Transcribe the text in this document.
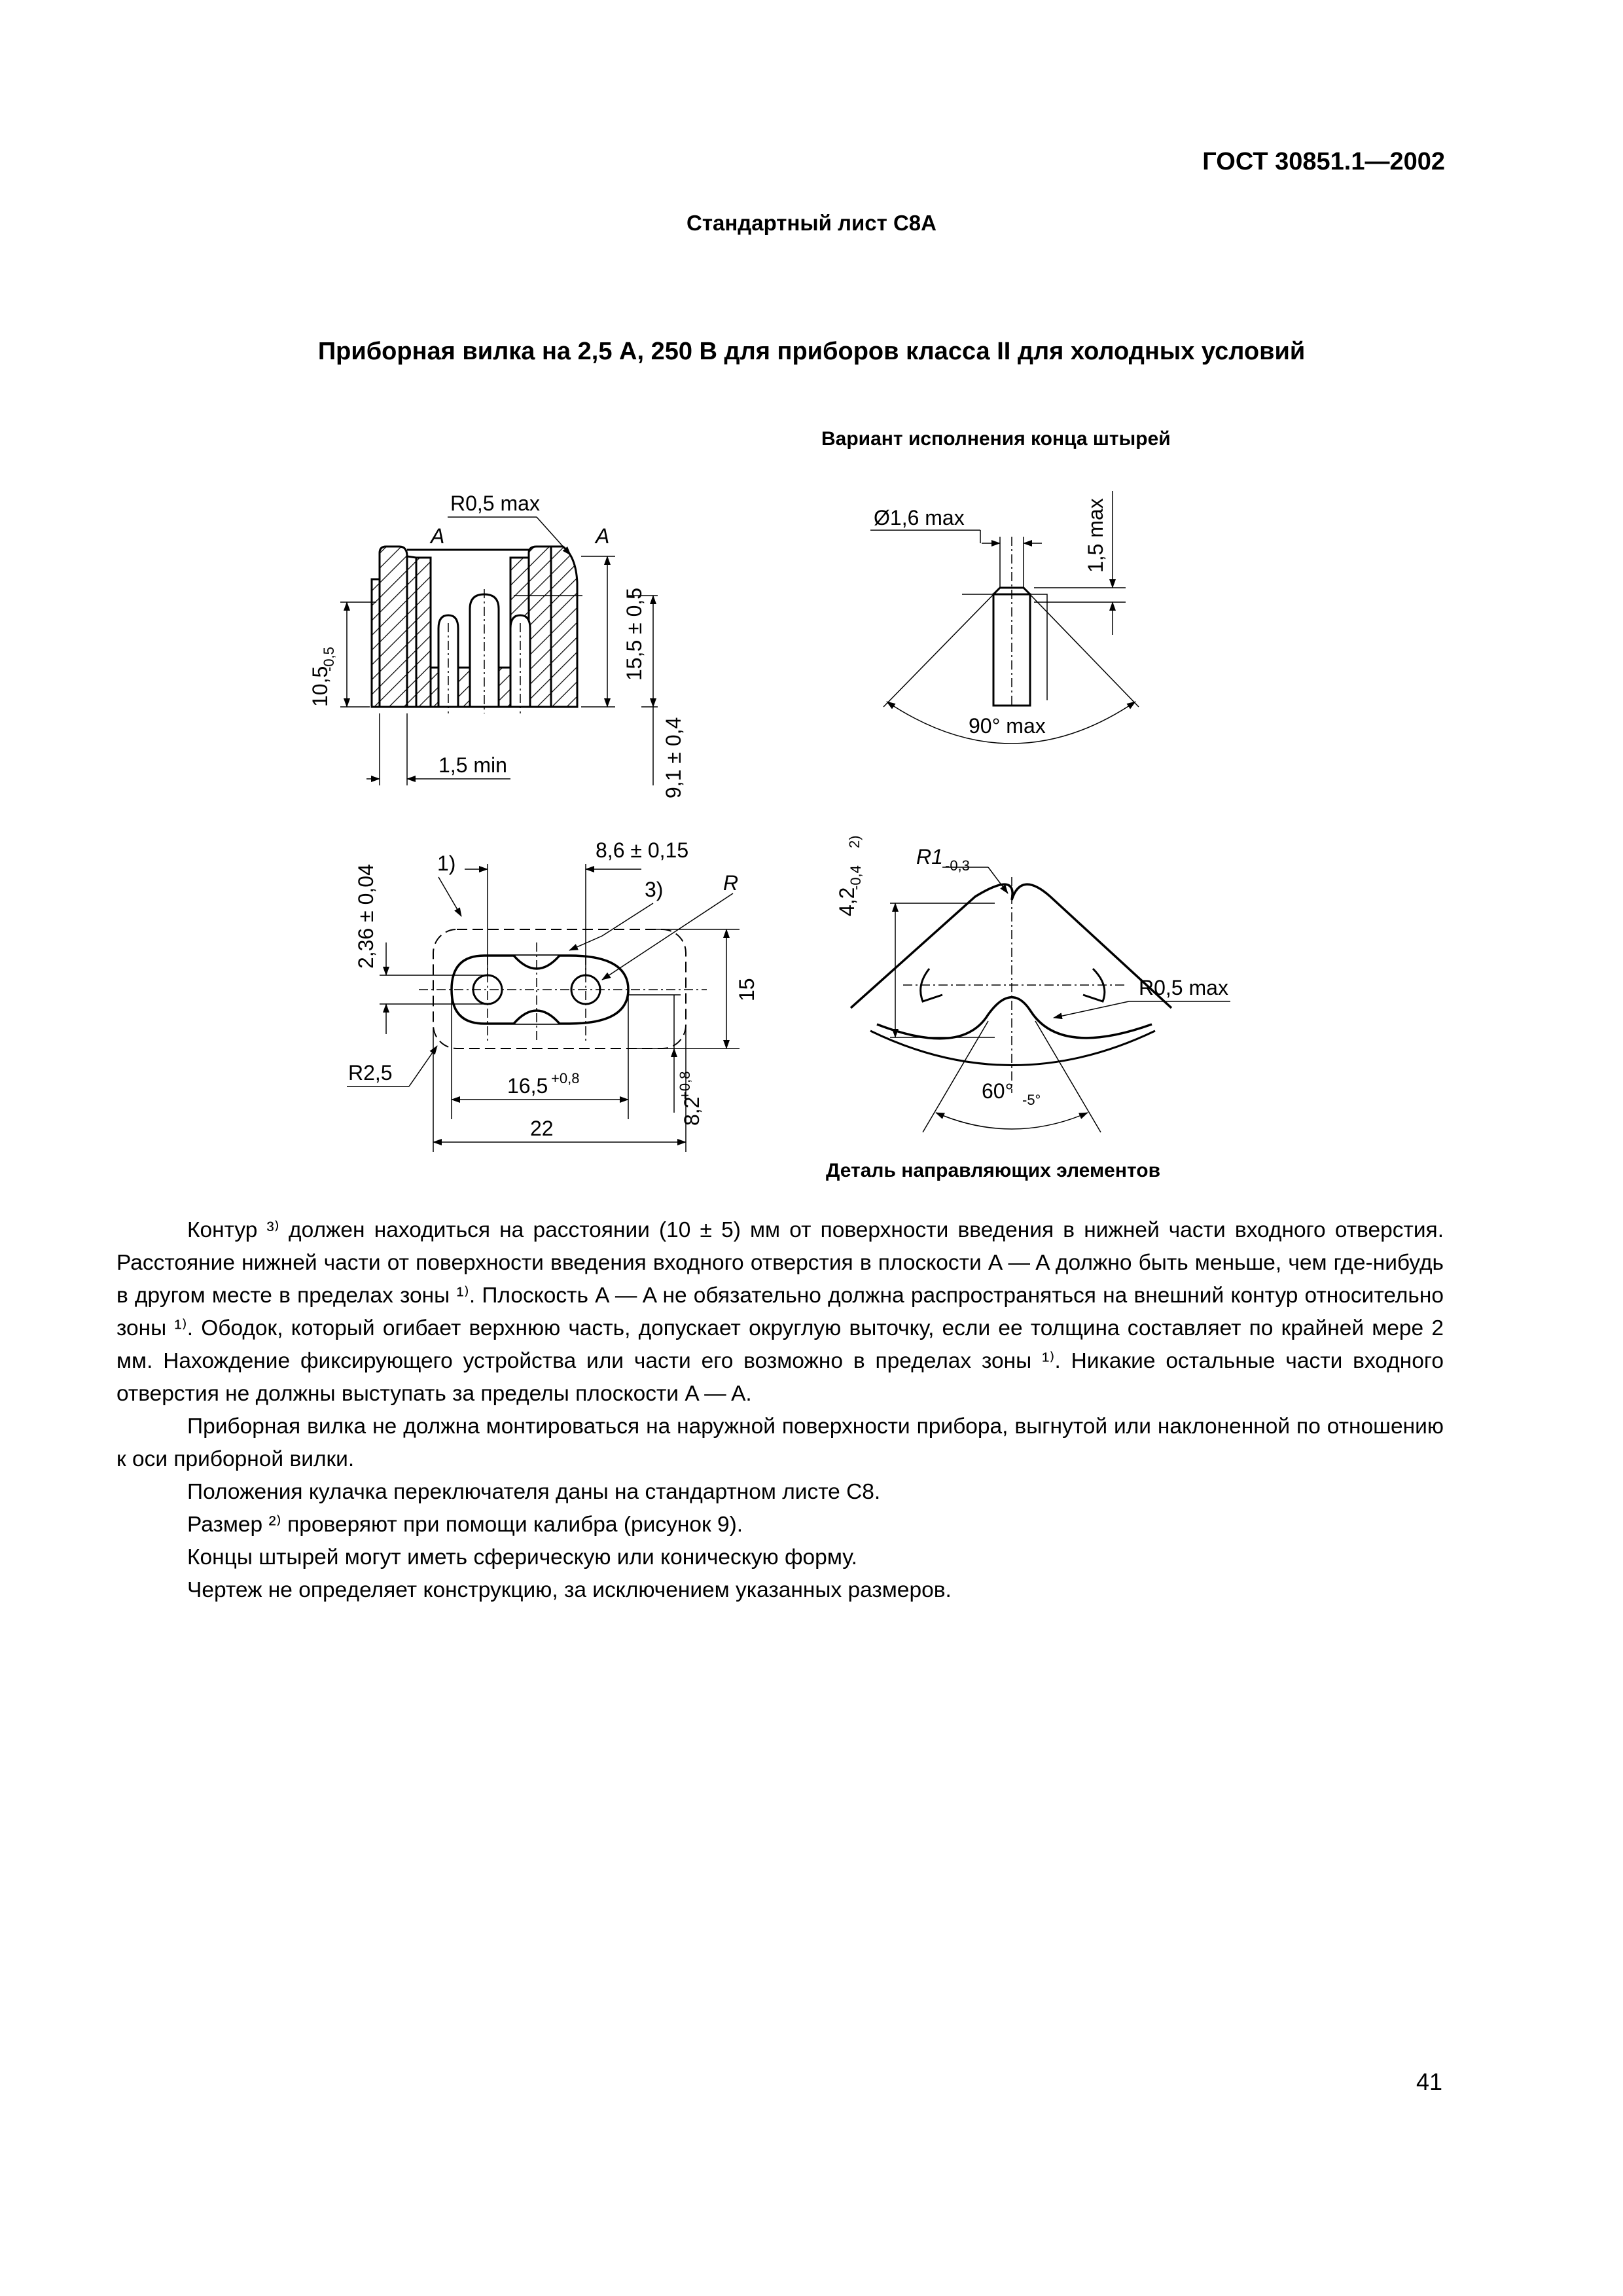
ГОСТ 30851.1—2002
Стандартный лист С8А
Приборная вилка на 2,5 А, 250 В для приборов класса II для холодных условий
R0,5 max
A	A
10,5
-0,5	15,5 ± 0,5
9,1 ± 0,4
1,5 min
Вариант исполнения конца штырей
Ø1,6 max	1,5 max
90° max
2,36 ± 0,04
1)
8,6 ± 0,15
3)	R
15
R2,5
16,5 +0,8
8,2
+0,8
22
4,2
-0,4
2)
R1 -0,3
R0,5 max
60° -5°
Деталь направляющих элементов

Контур ³⁾ должен находиться на расстоянии (10 ± 5) мм от поверхности введения в нижней части входного отверстия. Расстояние нижней части от поверхности введения входного отверстия в плоскости A — A должно быть меньше, чем где-нибудь в другом месте в пределах зоны ¹⁾. Плоскость A — A не обязательно должна распространяться на внешний контур относительно зоны ¹⁾. Ободок, который огибает верхнюю часть, допускает округлую выточку, если ее толщина составляет по крайней мере 2 мм. Нахождение фиксирующего устройства или части его возможно в пределах зоны ¹⁾. Никакие остальные части входного отверстия не должны выступать за пределы плоскости A — A.

Приборная вилка не должна монтироваться на наружной поверхности прибора, выгнутой или наклоненной по отношению к оси приборной вилки.

Положения кулачка переключателя даны на стандартном листе С8.

Размер ²⁾ проверяют при помощи калибра (рисунок 9).

Концы штырей могут иметь сферическую или коническую форму.

Чертеж не определяет конструкцию, за исключением указанных размеров.

41
